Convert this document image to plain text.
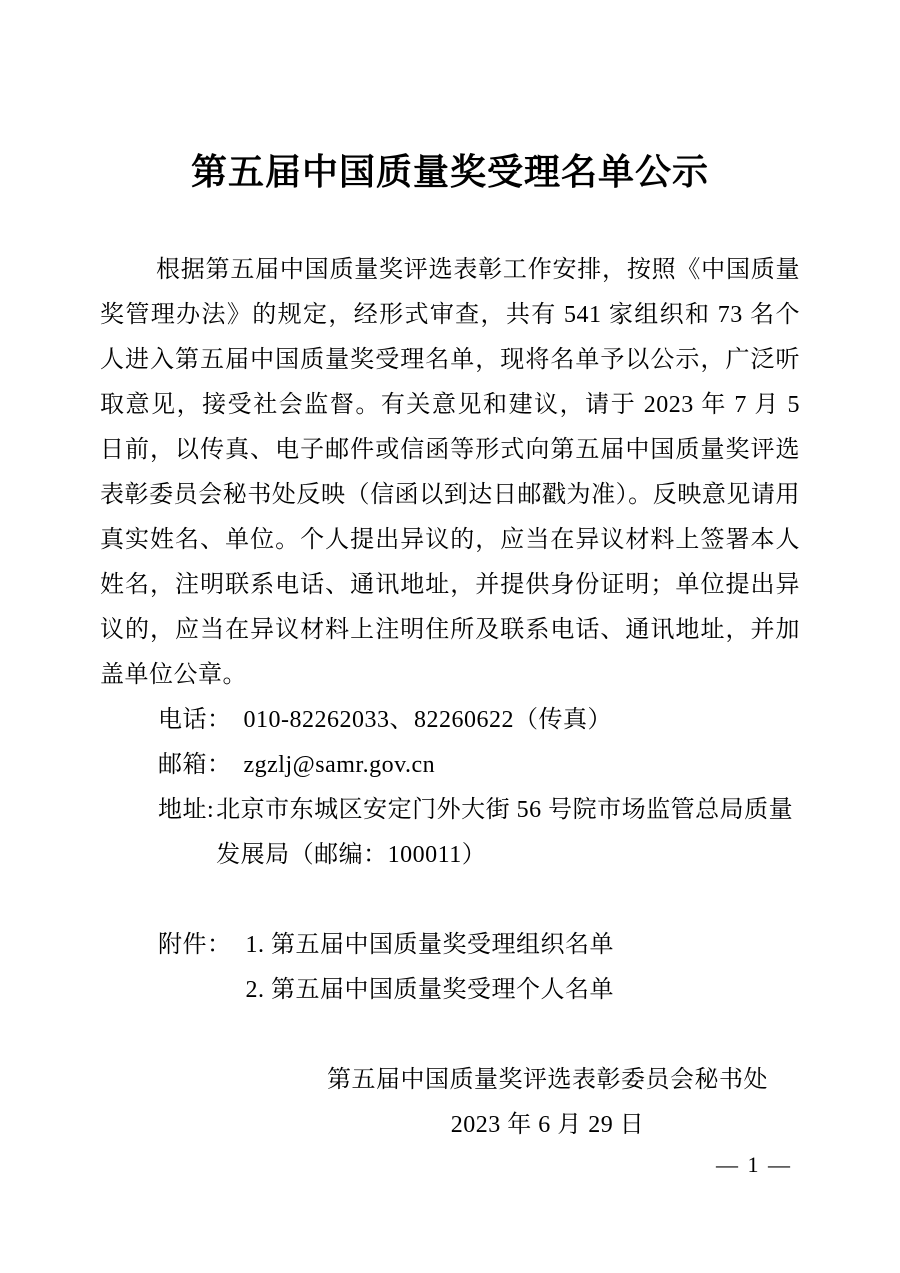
第五届中国质量奖受理名单公示

根据第五届中国质量奖评选表彰工作安排，按照《中国质量奖管理办法》的规定，经形式审查，共有 541 家组织和 73 名个人进入第五届中国质量奖受理名单，现将名单予以公示，广泛听取意见，接受社会监督。有关意见和建议，请于 2023 年 7 月 5 日前，以传真、电子邮件或信函等形式向第五届中国质量奖评选表彰委员会秘书处反映（信函以到达日邮戳为准）。反映意见请用真实姓名、单位。个人提出异议的，应当在异议材料上签署本人姓名，注明联系电话、通讯地址，并提供身份证明；单位提出异议的，应当在异议材料上注明住所及联系电话、通讯地址，并加盖单位公章。

电话： 010-82262033、82260622（传真）
邮箱： zgzlj@samr.gov.cn
地址: 北京市东城区安定门外大街 56 号院市场监管总局质量
发展局（邮编：100011）
附件： 1. 第五届中国质量奖受理组织名单
2. 第五届中国质量奖受理个人名单
第五届中国质量奖评选表彰委员会秘书处
2023 年 6 月 29 日
— 1 —
